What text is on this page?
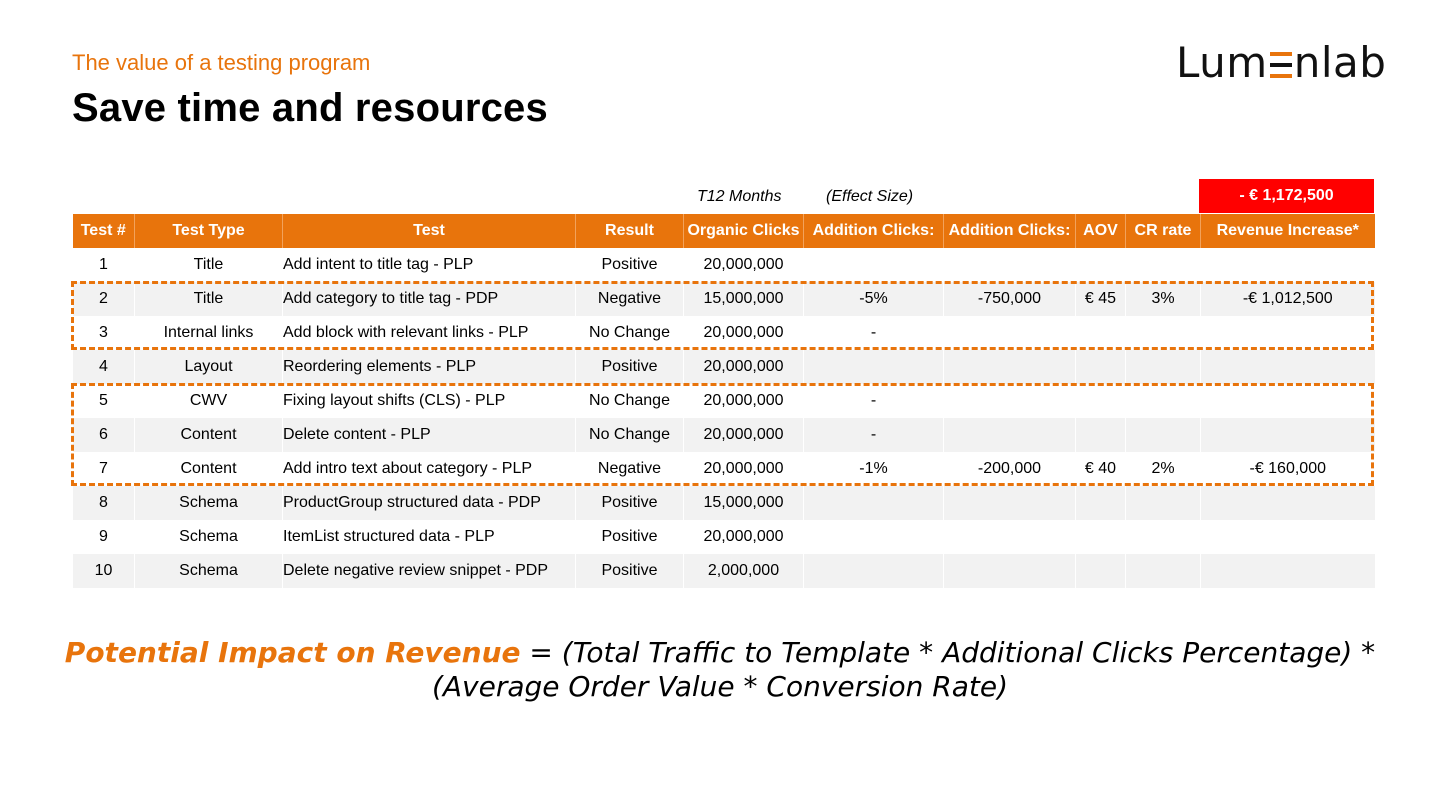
The value of a testing program
Save time and resources
Lum nlab
T12 Months	(Effect Size)	- € 1,172,500
Test #	Test Type	Test	Result	Organic Clicks	Addition Clicks:	Addition Clicks:	AOV	CR rate	Revenue Increase*
1	Title	Add intent to title tag - PLP	Positive	20,000,000					
2	Title	Add category to title tag - PDP	Negative	15,000,000	-5%	-750,000	€ 45	3%	-€ 1,012,500
3	Internal links	Add block with relevant links - PLP	No Change	20,000,000	-				
4	Layout	Reordering elements - PLP	Positive	20,000,000					
5	CWV	Fixing layout shifts (CLS) - PLP	No Change	20,000,000	-				
6	Content	Delete content - PLP	No Change	20,000,000	-				
7	Content	Add intro text about category - PLP	Negative	20,000,000	-1%	-200,000	€ 40	2%	-€ 160,000
8	Schema	ProductGroup structured data - PDP	Positive	15,000,000					
9	Schema	ItemList structured data - PLP	Positive	20,000,000					
10	Schema	Delete negative review snippet - PDP	Positive	2,000,000					
Potential Impact on Revenue = (Total Traffic to Template * Additional Clicks Percentage) *
(Average Order Value * Conversion Rate)
